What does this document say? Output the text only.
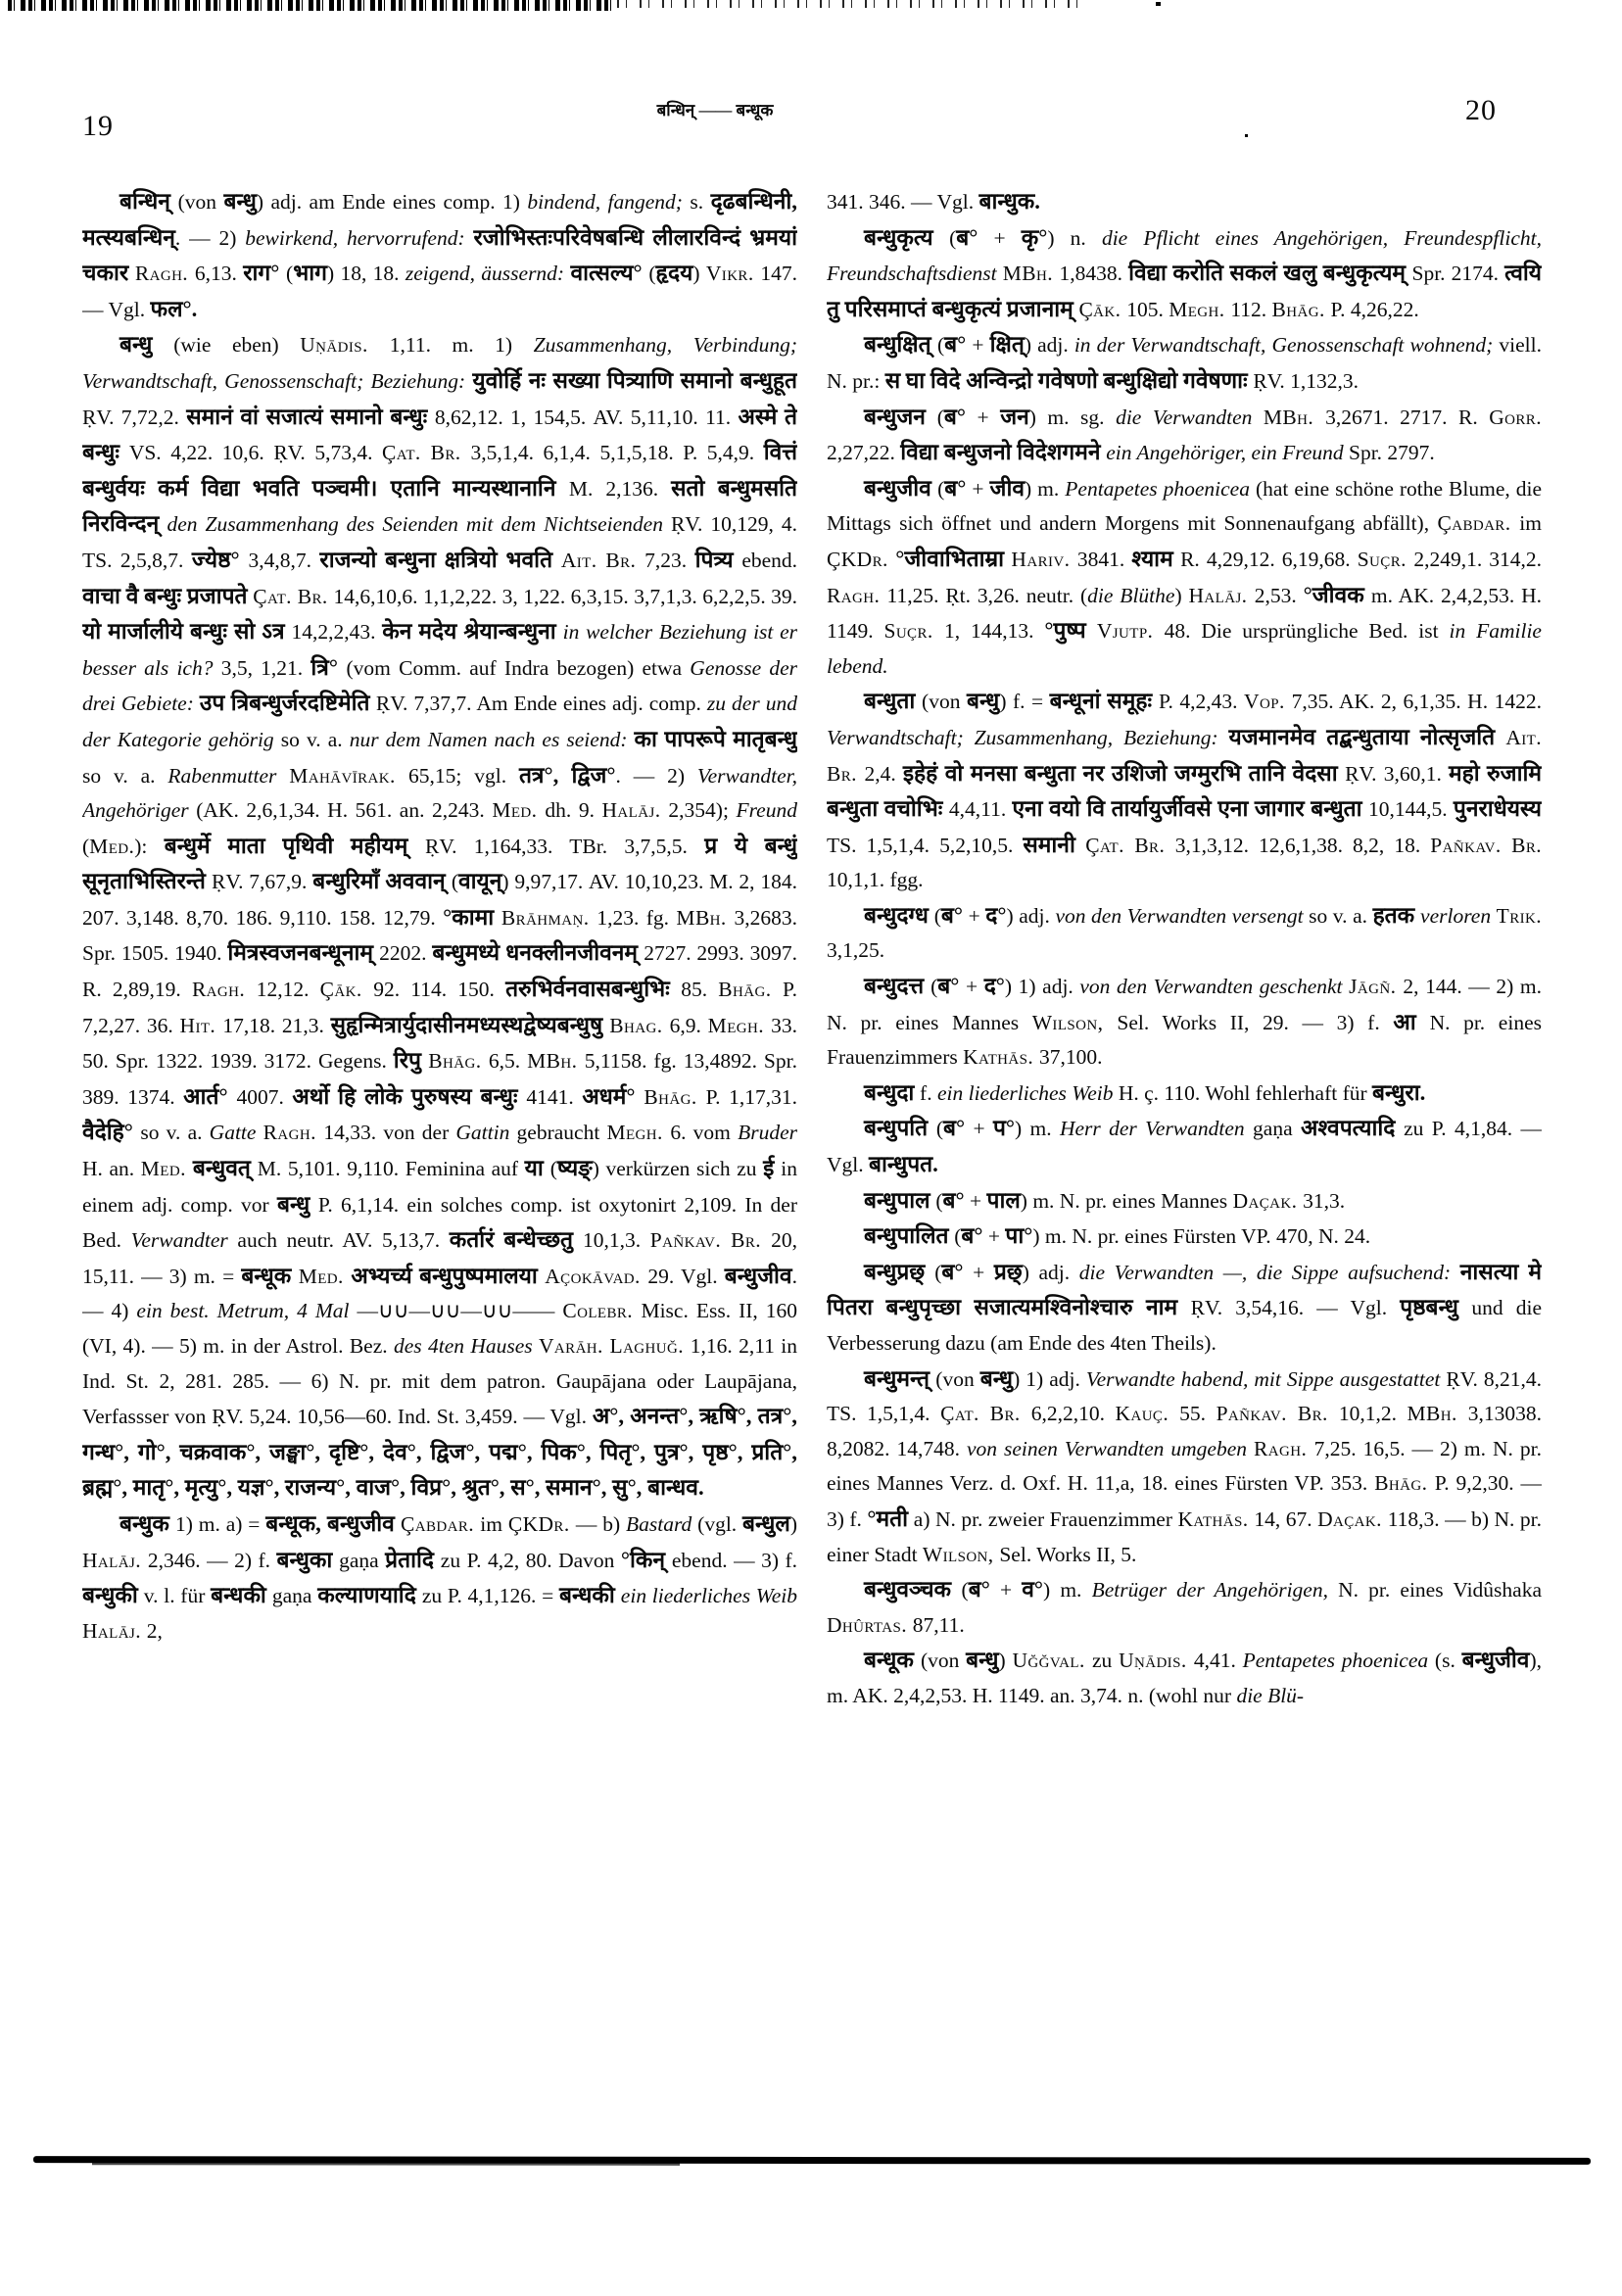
19	बन्धिन् —— बन्धूक	20

बन्धिन् (von बन्धु) adj. am Ende eines comp. 1) bindend, fangend; s. दृढबन्धिनी, मत्स्यबन्धिन्. — 2) bewirkend, hervorrufend: रजोभिस्तःपरिवेषबन्धि लीलारविन्दं भ्रमयां चकार Ragh. 6,13. राग° (भाग) 18, 18. zeigend, äussernd: वात्सल्य° (हृदय) Vikr. 147. — Vgl. फल°.

बन्धु (wie eben) Uṇādis. 1,11. m. 1) Zusammenhang, Verbindung; Verwandtschaft, Genossenschaft; Beziehung: युवोर्हि नः सख्या पित्र्याणि समानो बन्धुहूत ṚV. 7,72,2. समानं वां सजात्यं समानो बन्धुः 8,62,12. 1, 154,5. AV. 5,11,10. 11. अस्मे ते बन्धुः VS. 4,22. 10,6. ṚV. 5,73,4. Çat. Br. 3,5,1,4. 6,1,4. 5,1,5,18. P. 5,4,9. वित्तं बन्धुर्वयः कर्म विद्या भवति पञ्चमी। एतानि मान्यस्थानानि M. 2,136. सतो बन्धुमसति निरविन्दन् den Zusammenhang des Seienden mit dem Nichtseienden ṚV. 10,129, 4. TS. 2,5,8,7. ज्येष्ठ° 3,4,8,7. राजन्यो बन्धुना क्षत्रियो भवति Ait. Br. 7,23. पित्र्य ebend. वाचा वै बन्धुः प्रजापते Çat. Br. 14,6,10,6. 1,1,2,22. 3, 1,22. 6,3,15. 3,7,1,3. 6,2,2,5. 39. यो मार्जालीये बन्धुः सो ऽत्र 14,2,2,43. केन मदेय श्रेयान्बन्धुना in welcher Beziehung ist er besser als ich? 3,5, 1,21. त्रि° (vom Comm. auf Indra bezogen) etwa Genosse der drei Gebiete: उप त्रिबन्धुर्जरदष्टिमेति ṚV. 7,37,7. Am Ende eines adj. comp. zu der und der Kategorie gehörig so v. a. nur dem Namen nach es seiend: का पापरूपे मातृबन्धु so v. a. Rabenmutter Mahāvīrak. 65,15; vgl. तत्र°, द्विज°. — 2) Verwandter, Angehöriger (AK. 2,6,1,34. H. 561. an. 2,243. Med. dh. 9. Halāj. 2,354); Freund (Med.): बन्धुर्मे माता पृथिवी महीयम् ṚV. 1,164,33. TBr. 3,7,5,5. प्र ये बन्धुं सूनृताभिस्तिरन्ते ṚV. 7,67,9. बन्धुरिमाँ अववान् (वायून्) 9,97,17. AV. 10,10,23. M. 2, 184. 207. 3,148. 8,70. 186. 9,110. 158. 12,79. °कामा Brāhmaṇ. 1,23. fg. MBh. 3,2683. Spr. 1505. 1940. मित्रस्वजनबन्धूनाम् 2202. बन्धुमध्ये धनक्लीनजीवनम् 2727. 2993. 3097. R. 2,89,19. Ragh. 12,12. Çāk. 92. 114. 150. तरुभिर्वनवासबन्धुभिः 85. Bhāg. P. 7,2,27. 36. Hit. 17,18. 21,3. सुहृन्मित्रार्युदासीनमध्यस्थद्वेष्यबन्धुषु Bhag. 6,9. Megh. 33. 50. Spr. 1322. 1939. 3172. Gegens. रिपु Bhāg. 6,5. MBh. 5,1158. fg. 13,4892. Spr. 389. 1374. आर्त° 4007. अर्थो हि लोके पुरुषस्य बन्धुः 4141. अधर्म° Bhāg. P. 1,17,31. वैदेहि° so v. a. Gatte Ragh. 14,33. von der Gattin gebraucht Megh. 6. vom Bruder H. an. Med. बन्धुवत् M. 5,101. 9,110. Feminina auf या (ष्यङ्) verkürzen sich zu ई in einem adj. comp. vor बन्धु P. 6,1,14. ein solches comp. ist oxytonirt 2,109. In der Bed. Verwandter auch neutr. AV. 5,13,7. कर्तारं बन्धेच्छतु 10,1,3. Pañkav. Br. 20, 15,11. — 3) m. = बन्धूक Med. अभ्यर्च्य बन्धुपुष्पमालया Açokāvad. 29. Vgl. बन्धुजीव. — 4) ein best. Metrum, 4 Mal —∪∪—∪∪—∪∪—— Colebr. Misc. Ess. II, 160 (VI, 4). — 5) m. in der Astrol. Bez. des 4ten Hauses Varāh. Laghuğ. 1,16. 2,11 in Ind. St. 2, 281. 285. — 6) N. pr. mit dem patron. Gaupājana oder Laupājana, Verfassser von ṚV. 5,24. 10,56—60. Ind. St. 3,459. — Vgl. अ°, अनन्त°, ऋषि°, तत्र°, गन्ध°, गो°, चक्रवाक°, जङ्घा°, दृष्टि°, देव°, द्विज°, पद्म°, पिक°, पितृ°, पुत्र°, पृष्ठ°, प्रति°, ब्रह्म°, मातृ°, मृत्यु°, यज्ञ°, राजन्य°, वाज°, विप्र°, श्रुत°, स°, समान°, सु°, बान्धव.

बन्धुक 1) m. a) = बन्धूक, बन्धुजीव Çabdar. im ÇKDr. — b) Bastard (vgl. बन्धुल) Halāj. 2,346. — 2) f. बन्धुका gaṇa प्रेतादि zu P. 4,2, 80. Davon °किन् ebend. — 3) f. बन्धुकी v. l. für बन्धकी gaṇa कल्याणयादि zu P. 4,1,126. = बन्धकी ein liederliches Weib Halāj. 2,

341. 346. — Vgl. बान्धुक.

बन्धुकृत्य (ब° + कृ°) n. die Pflicht eines Angehörigen, Freundespflicht, Freundschaftsdienst MBh. 1,8438. विद्या करोति सकलं खलु बन्धुकृत्यम् Spr. 2174. त्वयि तु परिसमाप्तं बन्धुकृत्यं प्रजानाम् Çāk. 105. Megh. 112. Bhāg. P. 4,26,22.

बन्धुक्षित् (ब° + क्षित्) adj. in der Verwandtschaft, Genossenschaft wohnend; viell. N. pr.: स घा विदे अन्विन्द्रो गवेषणो बन्धुक्षिद्यो गवेषणाः ṚV. 1,132,3.

बन्धुजन (ब° + जन) m. sg. die Verwandten MBh. 3,2671. 2717. R. Gorr. 2,27,22. विद्या बन्धुजनो विदेशगमने ein Angehöriger, ein Freund Spr. 2797.

बन्धुजीव (ब° + जीव) m. Pentapetes phoenicea (hat eine schöne rothe Blume, die Mittags sich öffnet und andern Morgens mit Sonnenaufgang abfällt), Çabdar. im ÇKDr. °जीवाभिताम्रा Hariv. 3841. श्याम R. 4,29,12. 6,19,68. Suçr. 2,249,1. 314,2. Ragh. 11,25. Ṛt. 3,26. neutr. (die Blüthe) Halāj. 2,53. °जीवक m. AK. 2,4,2,53. H. 1149. Suçr. 1, 144,13. °पुष्प Vjutp. 48. Die ursprüngliche Bed. ist in Familie lebend.

बन्धुता (von बन्धु) f. = बन्धूनां समूहः P. 4,2,43. Vop. 7,35. AK. 2, 6,1,35. H. 1422. Verwandtschaft; Zusammenhang, Beziehung: यजमानमेव तद्बन्धुताया नोत्सृजति Ait. Br. 2,4. इहेहं वो मनसा बन्धुता नर उशिजो जग्मुरभि तानि वेदसा ṚV. 3,60,1. महो रुजामि बन्धुता वचोभिः 4,4,11. एना वयो वि तार्यायुर्जीवसे एना जागार बन्धुता 10,144,5. पुनराधेयस्य TS. 1,5,1,4. 5,2,10,5. समानी Çat. Br. 3,1,3,12. 12,6,1,38. 8,2, 18. Pañkav. Br. 10,1,1. fgg.

बन्धुदग्ध (ब° + द°) adj. von den Verwandten versengt so v. a. हतक verloren Trik. 3,1,25.

बन्धुदत्त (ब° + द°) 1) adj. von den Verwandten geschenkt Jāgñ. 2, 144. — 2) m. N. pr. eines Mannes Wilson, Sel. Works II, 29. — 3) f. आ N. pr. eines Frauenzimmers Kathās. 37,100.

बन्धुदा f. ein liederliches Weib H. ç. 110. Wohl fehlerhaft für बन्धुरा.

बन्धुपति (ब° + प°) m. Herr der Verwandten gaṇa अश्वपत्यादि zu P. 4,1,84. — Vgl. बान्धुपत.

बन्धुपाल (ब° + पाल) m. N. pr. eines Mannes Daçak. 31,3.

बन्धुपालित (ब° + पा°) m. N. pr. eines Fürsten VP. 470, N. 24.

बन्धुप्रछ् (ब° + प्रछ्) adj. die Verwandten —, die Sippe aufsuchend: नासत्या मे पितरा बन्धुपृच्छा सजात्यमश्विनोश्चारु नाम ṚV. 3,54,16. — Vgl. पृष्ठबन्धु und die Verbesserung dazu (am Ende des 4ten Theils).

बन्धुमन्त् (von बन्धु) 1) adj. Verwandte habend, mit Sippe ausgestattet ṚV. 8,21,4. TS. 1,5,1,4. Çat. Br. 6,2,2,10. Kauç. 55. Pañkav. Br. 10,1,2. MBh. 3,13038. 8,2082. 14,748. von seinen Verwandten umgeben Ragh. 7,25. 16,5. — 2) m. N. pr. eines Mannes Verz. d. Oxf. H. 11,a, 18. eines Fürsten VP. 353. Bhāg. P. 9,2,30. — 3) f. °मती a) N. pr. zweier Frauenzimmer Kathās. 14, 67. Daçak. 118,3. — b) N. pr. einer Stadt Wilson, Sel. Works II, 5.

बन्धुवञ्चक (ब° + व°) m. Betrüger der Angehörigen, N. pr. eines Vidûshaka Dhûrtas. 87,11.

बन्धूक (von बन्धु) Uğğval. zu Uṇādis. 4,41. Pentapetes phoenicea (s. बन्धुजीव), m. AK. 2,4,2,53. H. 1149. an. 3,74. n. (wohl nur die Blü-
